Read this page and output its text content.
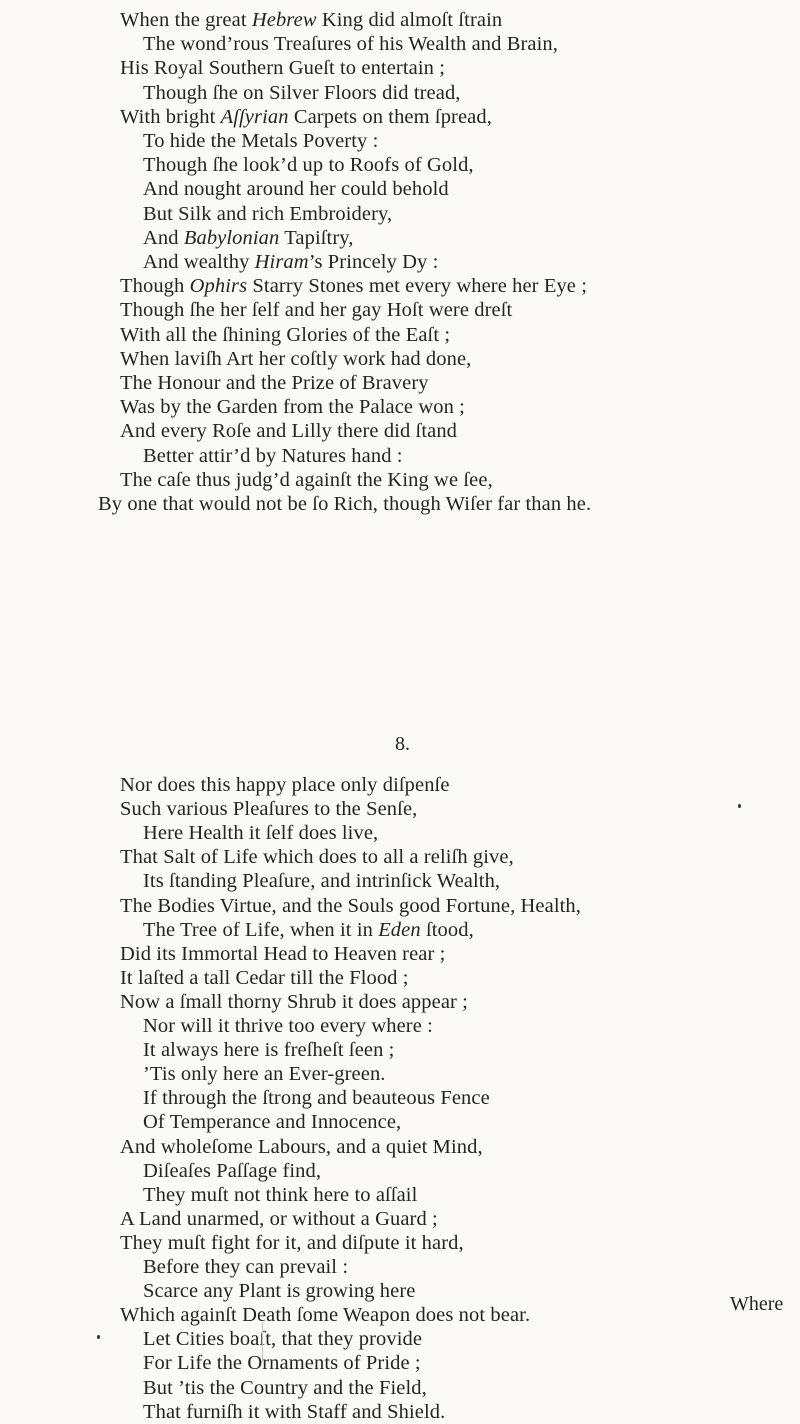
When the great Hebrew King did almoſt ſtrain
The wond’rous Treaſures of his Wealth and Brain,
His Royal Southern Gueſt to entertain ;
Though ſhe on Silver Floors did tread,
With bright Aſſyrian Carpets on them ſpread,
To hide the Metals Poverty :
Though ſhe look’d up to Roofs of Gold,
And nought around her could behold
But Silk and rich Embroidery,
And Babylonian Tapiſtry,
And wealthy Hiram’s Princely Dy :
Though Ophirs Starry Stones met every where her Eye ;
Though ſhe her ſelf and her gay Hoſt were dreſt
With all the ſhining Glories of the Eaſt ;
When laviſh Art her coſtly work had done,
The Honour and the Prize of Bravery
Was by the Garden from the Palace won ;
And every Roſe and Lilly there did ſtand
Better attir’d by Natures hand :
The caſe thus judg’d againſt the King we ſee,
By one that would not be ſo Rich, though Wiſer far than he.
8.
Nor does this happy place only diſpenſe
Such various Pleaſures to the Senſe,
Here Health it ſelf does live,
That Salt of Life which does to all a reliſh give,
Its ſtanding Pleaſure, and intrinſick Wealth,
The Bodies Virtue, and the Souls good Fortune, Health,
The Tree of Life, when it in Eden ſtood,
Did its Immortal Head to Heaven rear ;
It laſted a tall Cedar till the Flood ;
Now a ſmall thorny Shrub it does appear ;
Nor will it thrive too every where :
It always here is freſheſt ſeen ;
’Tis only here an Ever-green.
If through the ſtrong and beauteous Fence
Of Temperance and Innocence,
And wholeſome Labours, and a quiet Mind,
Diſeaſes Paſſage find,
They muſt not think here to aſſail
A Land unarmed, or without a Guard ;
They muſt fight for it, and diſpute it hard,
Before they can prevail :
Scarce any Plant is growing here
Which againſt Death ſome Weapon does not bear.
Let Cities boaſt, that they provide
For Life the Ornaments of Pride ;
But ’tis the Country and the Field,
That furniſh it with Staff and Shield.
Where
